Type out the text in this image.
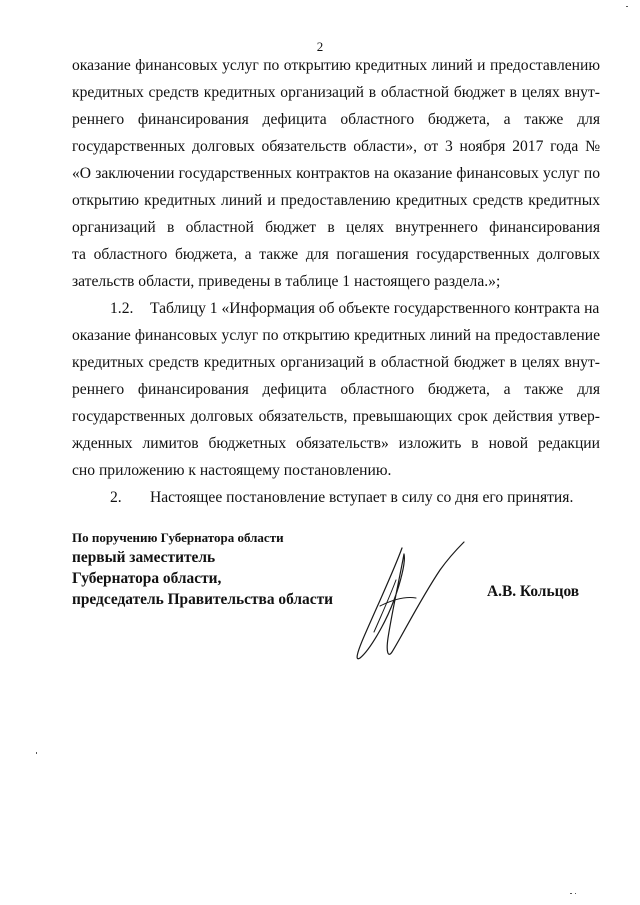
2
оказание финансовых услуг по открытию кредитных линий и предоставлению
кредитных средств кредитных организаций в областной бюджет в целях внут-
реннего финансирования дефицита областного бюджета, а также для
государственных долговых обязательств области», от 3 ноября 2017 года №
«О заключении государственных контрактов на оказание финансовых услуг по
открытию кредитных линий и предоставлению кредитных средств кредитных
организаций в областной бюджет в целях внутреннего финансирования
та областного бюджета, а также для погашения государственных долговых
зательств области, приведены в таблице 1 настоящего раздела.»;
1.2. Таблицу 1 «Информация об объекте государственного контракта на
оказание финансовых услуг по открытию кредитных линий на предоставление
кредитных средств кредитных организаций в областной бюджет в целях внут-
реннего финансирования дефицита областного бюджета, а также для
государственных долговых обязательств, превышающих срок действия утвер-
жденных лимитов бюджетных обязательств» изложить в новой редакции
сно приложению к настоящему постановлению.
2. Настоящее постановление вступает в силу со дня его принятия.
По поручению Губернатора области
первый заместитель
Губернатора области,
председатель Правительства области	А.В. Кольцов
